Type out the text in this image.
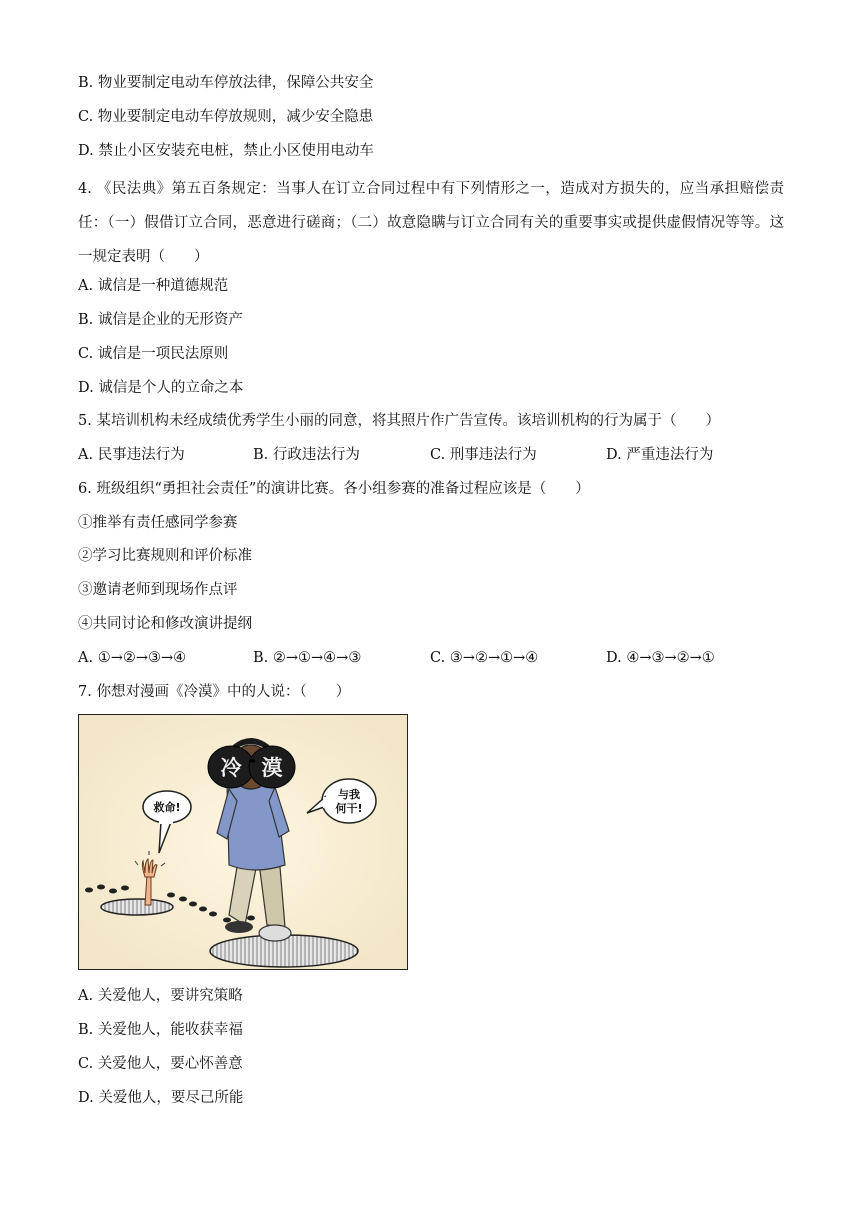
B. 物业要制定电动车停放法律，保障公共安全
C. 物业要制定电动车停放规则，减少安全隐患
D. 禁止小区安装充电桩，禁止小区使用电动车
4. 《民法典》第五百条规定：当事人在订立合同过程中有下列情形之一，造成对方损失的，应当承担赔偿责任：（一）假借订立合同，恶意进行磋商；（二）故意隐瞒与订立合同有关的重要事实或提供虚假情况等等。这一规定表明（　　）
A. 诚信是一种道德规范
B. 诚信是企业的无形资产
C. 诚信是一项民法原则
D. 诚信是个人的立命之本
5. 某培训机构未经成绩优秀学生小丽的同意，将其照片作广告宣传。该培训机构的行为属于（　　）
A. 民事违法行为	B. 行政违法行为	C. 刑事违法行为	D. 严重违法行为
6. 班级组织“勇担社会责任”的演讲比赛。各小组参赛的准备过程应该是（　　）
①推举有责任感同学参赛
②学习比赛规则和评价标准
③邀请老师到现场作点评
④共同讨论和修改演讲提纲
A. ①→②→③→④	B. ②→①→④→③	C. ③→②→①→④	D. ④→③→②→①
7. 你想对漫画《冷漠》中的人说：（　　）
救命!
与我
何干!
冷 漠
A. 关爱他人，要讲究策略
B. 关爱他人，能收获幸福
C. 关爱他人，要心怀善意
D. 关爱他人，要尽己所能
